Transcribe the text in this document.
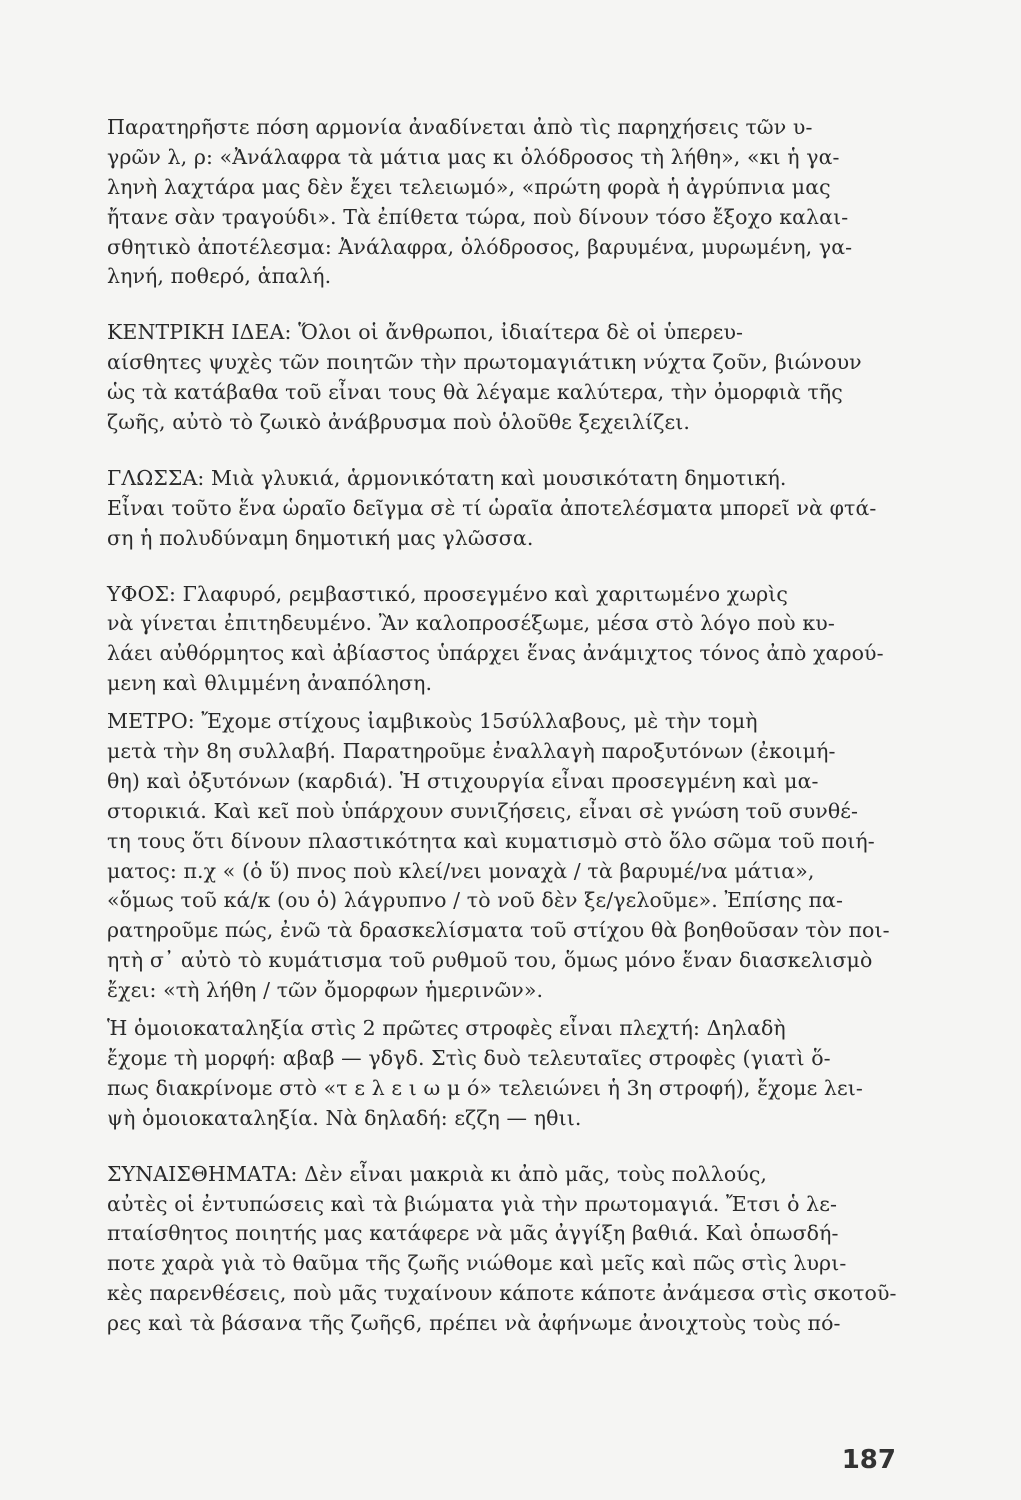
Παρατηρῆστε πόση αρμονία ἀναδίνεται ἀπὸ τὶς παρηχήσεις τῶν υ-
γρῶν λ, ρ: «Ἀνάλαφρα τὰ μάτια μας κι ὁλόδροσος τὴ λήθη», «κι ἡ γα-
ληνὴ λαχτάρα μας δὲν ἔχει τελειωμό», «πρώτη φορὰ ἡ ἀγρύπνια μας
ἤτανε σὰν τραγούδι». Τὰ ἐπίθετα τώρα, ποὺ δίνουν τόσο ἔξοχο καλαι-
σθητικὸ ἀποτέλεσμα: Ἀνάλαφρα, ὁλόδροσος, βαρυμένα, μυρωμένη, γα-
ληνή, ποθερό, ἁπαλή.
ΚΕΝΤΡΙΚΗ ΙΔΕΑ: Ὅλοι οἱ ἄνθρωποι, ἰδιαίτερα δὲ οἱ ὑπερευ-
αίσθητες ψυχὲς τῶν ποιητῶν τὴν πρωτομαγιάτικη νύχτα ζοῦν, βιώνουν
ὡς τὰ κατάβαθα τοῦ εἶναι τους θὰ λέγαμε καλύτερα, τὴν ὀμορφιὰ τῆς
ζωῆς, αὐτὸ τὸ ζωικὸ ἀνάβρυσμα ποὺ ὁλοῦθε ξεχειλίζει.
ΓΛΩΣΣΑ: Μιὰ γλυκιά, ἁρμονικότατη καὶ μουσικότατη δημοτική.
Εἶναι τοῦτο ἕνα ὡραῖο δεῖγμα σὲ τί ὡραῖα ἀποτελέσματα μπορεῖ νὰ φτά-
ση ἡ πολυδύναμη δημοτική μας γλῶσσα.
ΥΦΟΣ: Γλαφυρό, ρεμβαστικό, προσεγμένο καὶ χαριτωμένο χωρὶς
νὰ γίνεται ἐπιτηδευμένο. Ἂν καλοπροσέξωμε, μέσα στὸ λόγο ποὺ κυ-
λάει αὐθόρμητος καὶ ἀβίαστος ὑπάρχει ἕνας ἀνάμιχτος τόνος ἀπὸ χαρού-
μενη καὶ θλιμμένη ἀναπόληση.
ΜΕΤΡΟ: Ἔχομε στίχους ἰαμβικοὺς 15σύλλαβους, μὲ τὴν τομὴ
μετὰ τὴν 8η συλλαβή. Παρατηροῦμε ἐναλλαγὴ παροξυτόνων (ἐκοιμή-
θη) καὶ ὀξυτόνων (καρδιά). Ἡ στιχουργία εἶναι προσεγμένη καὶ μα-
στορικιά. Καὶ κεῖ ποὺ ὑπάρχουν συνιζήσεις, εἶναι σὲ γνώση τοῦ συνθέ-
τη τους ὅτι δίνουν πλαστικότητα καὶ κυματισμὸ στὸ ὅλο σῶμα τοῦ ποιή-
ματος: π.χ « (ὁ ὕ) πνος ποὺ κλεί/νει μοναχὰ / τὰ βαρυμέ/να μάτια»,
«ὅμως τοῦ κά/κ (ου ὁ) λάγρυπνο / τὸ νοῦ δὲν ξε/γελοῦμε». Ἐπίσης πα-
ρατηροῦμε πώς, ἐνῶ τὰ δρασκελίσματα τοῦ στίχου θὰ βοηθοῦσαν τὸν ποι-
ητὴ σ᾽ αὐτὸ τὸ κυμάτισμα τοῦ ρυθμοῦ του, ὅμως μόνο ἕναν διασκελισμὸ
ἔχει: «τὴ λήθη / τῶν ὄμορφων ἡμερινῶν».
Ἡ ὁμοιοκαταληξία στὶς 2 πρῶτες στροφὲς εἶναι πλεχτή: Δηλαδὴ
ἔχομε τὴ μορφή: αβαβ — γδγδ. Στὶς δυὸ τελευταῖες στροφὲς (γιατὶ ὅ-
πως διακρίνομε στὸ «τ ε λ ε ι ω μ ό» τελειώνει ἡ 3η στροφή), ἔχομε λει-
ψὴ ὁμοιοκαταληξία. Νὰ δηλαδή: εζζη — ηθιι.
ΣΥΝΑΙΣΘΗΜΑΤΑ: Δὲν εἶναι μακριὰ κι ἀπὸ μᾶς, τοὺς πολλούς,
αὐτὲς οἱ ἐντυπώσεις καὶ τὰ βιώματα γιὰ τὴν πρωτομαγιά. Ἔτσι ὁ λε-
πταίσθητος ποιητής μας κατάφερε νὰ μᾶς ἀγγίξη βαθιά. Καὶ ὁπωσδή-
ποτε χαρὰ γιὰ τὸ θαῦμα τῆς ζωῆς νιώθομε καὶ μεῖς καὶ πῶς στὶς λυρι-
κὲς παρενθέσεις, ποὺ μᾶς τυχαίνουν κάποτε κάποτε ἀνάμεσα στὶς σκοτοῦ-
ρες καὶ τὰ βάσανα τῆς ζωῆς6, πρέπει νὰ ἀφήνωμε ἀνοιχτοὺς τοὺς πό-
187
